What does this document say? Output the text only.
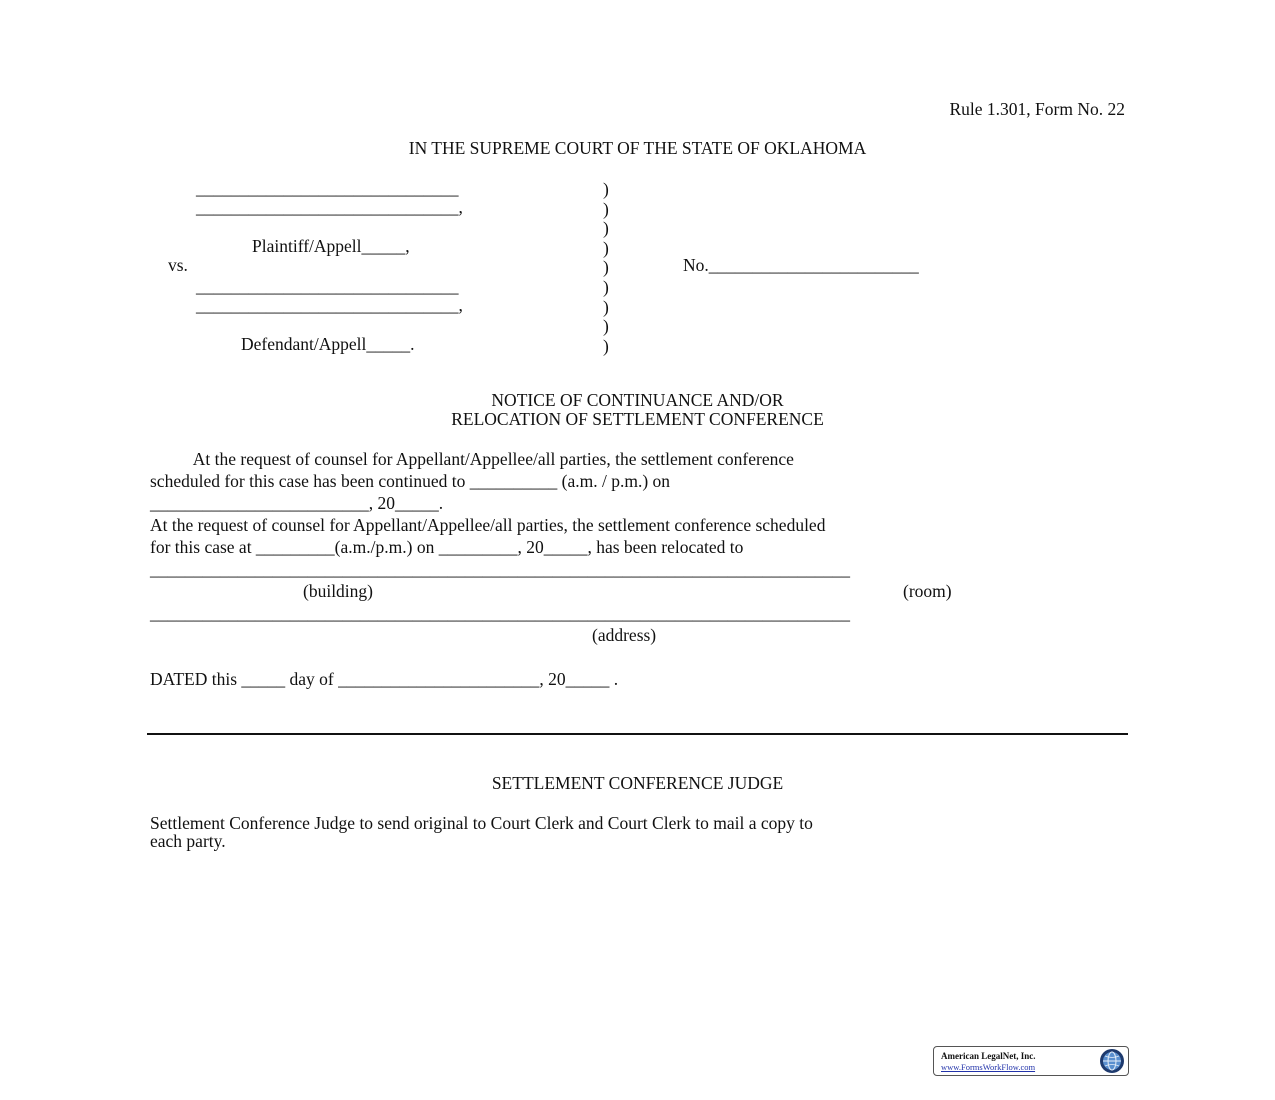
Rule 1.301, Form No. 22
IN THE SUPREME COURT OF THE STATE OF OKLAHOMA
______________________________
______________________________,
Plaintiff/Appell_____,
vs.
______________________________
______________________________,
Defendant/Appell_____.
)
)
)
)
)
)
)
)
)
No.________________________
NOTICE OF CONTINUANCE AND/OR
RELOCATION OF SETTLEMENT CONFERENCE
At the request of counsel for Appellant/Appellee/all parties, the settlement conference
scheduled for this case has been continued to __________ (a.m. / p.m.) on
_________________________, 20_____.
At the request of counsel for Appellant/Appellee/all parties, the settlement conference scheduled
for this case at _________(a.m./p.m.) on _________, 20_____, has been relocated to
________________________________________________________________________________
(building)	(room)
________________________________________________________________________________
(address)
DATED this _____ day of _______________________, 20_____ .
SETTLEMENT CONFERENCE JUDGE
Settlement Conference Judge to send original to Court Clerk and Court Clerk to mail a copy to
each party.
American LegalNet, Inc.
www.FormsWorkFlow.com
